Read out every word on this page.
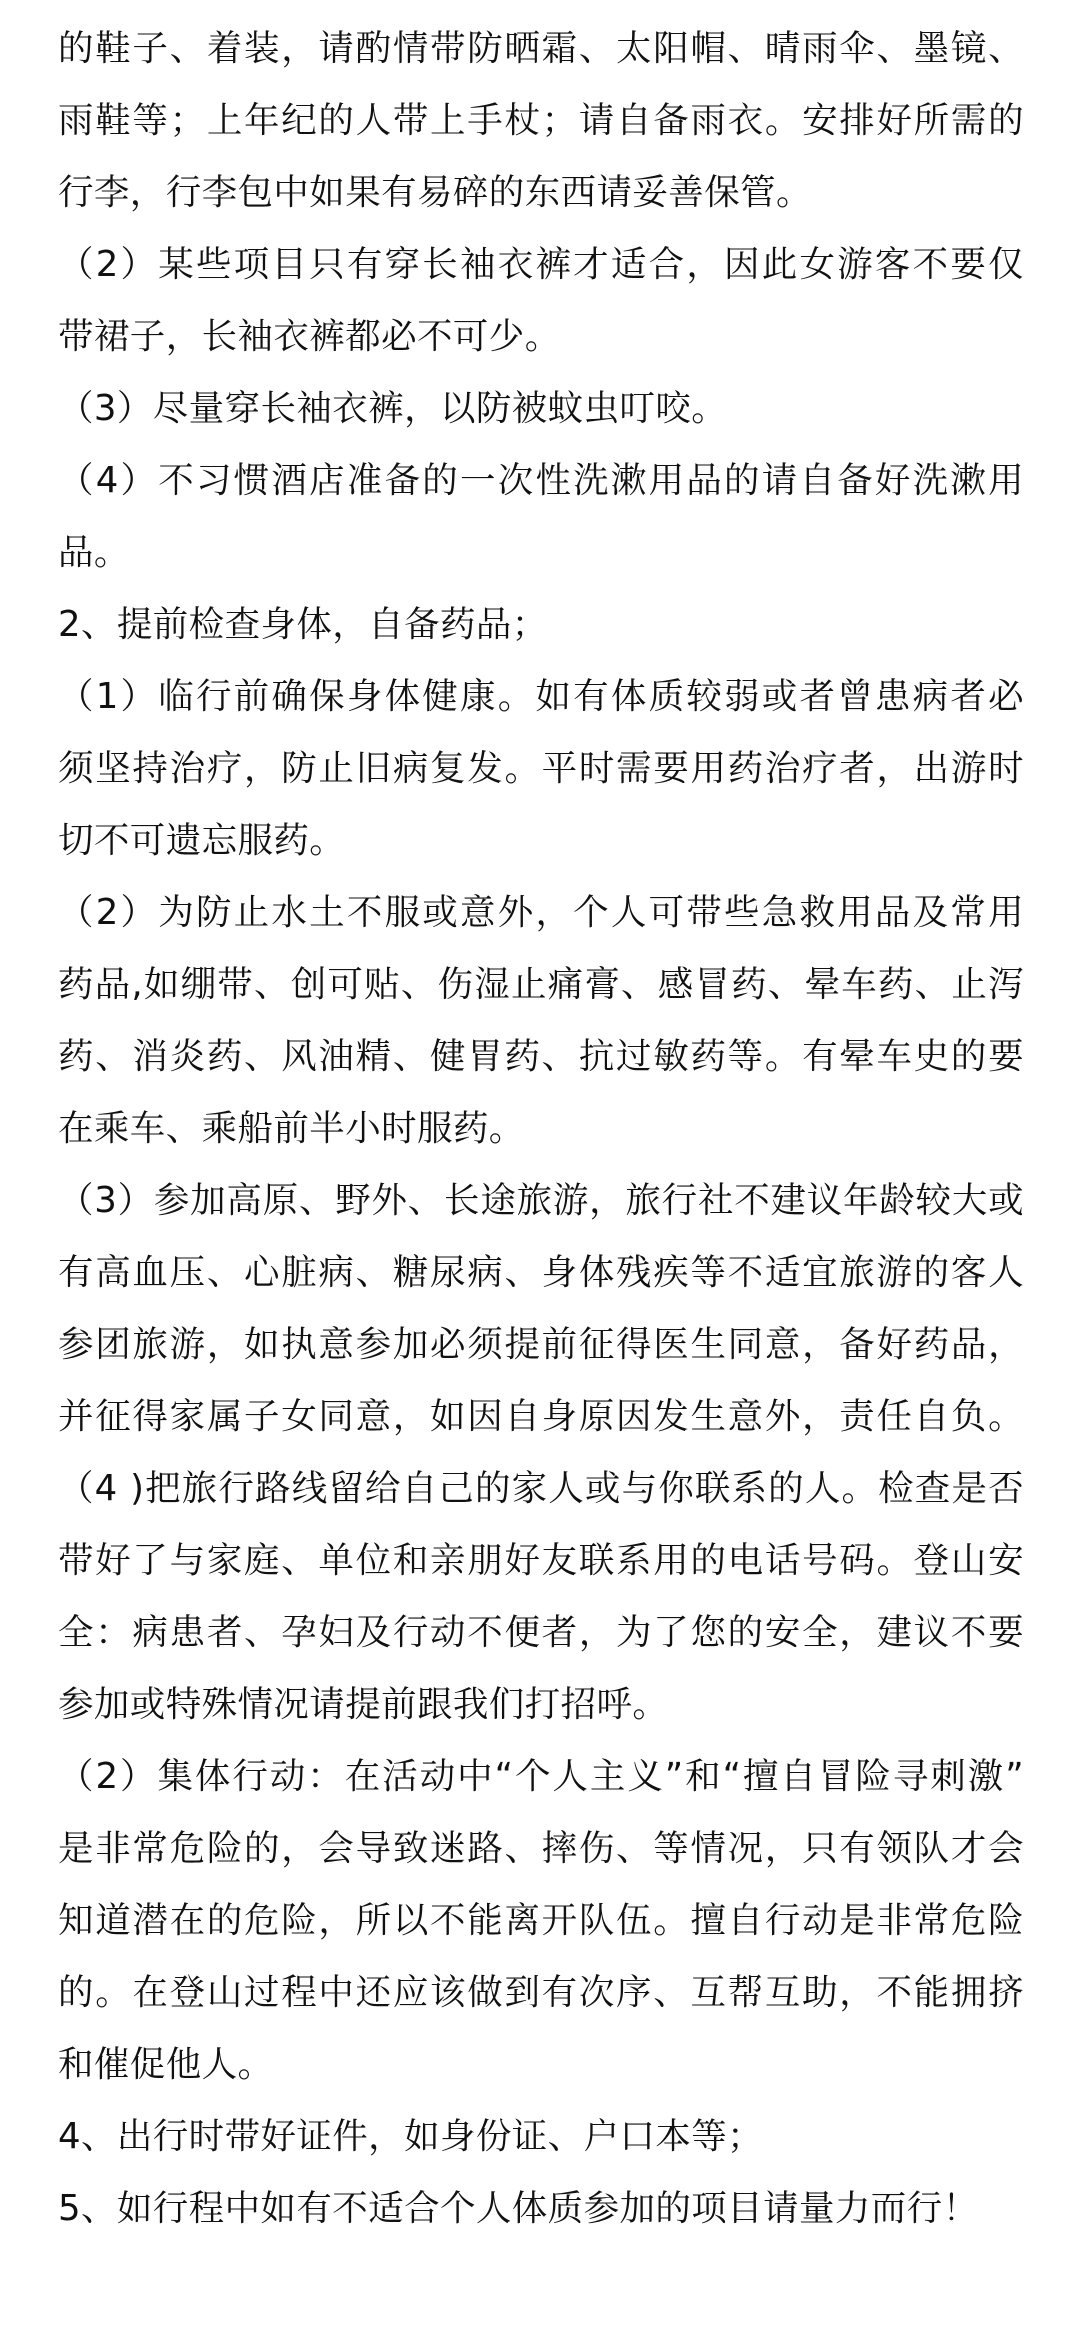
的鞋子、着装，请酌情带防晒霜、太阳帽、晴雨伞、墨镜、
雨鞋等；上年纪的人带上手杖；请自备雨衣。安排好所需的
行李，行李包中如果有易碎的东西请妥善保管。
（2）某些项目只有穿长袖衣裤才适合，因此女游客不要仅
带裙子，长袖衣裤都必不可少。
（3）尽量穿长袖衣裤，以防被蚊虫叮咬。
（4）不习惯酒店准备的一次性洗漱用品的请自备好洗漱用
品。
2、提前检查身体，自备药品；
（1）临行前确保身体健康。如有体质较弱或者曾患病者必
须坚持治疗，防止旧病复发。平时需要用药治疗者，出游时
切不可遗忘服药。
（2）为防止水土不服或意外，个人可带些急救用品及常用
药品,如绷带、创可贴、伤湿止痛膏、感冒药、晕车药、止泻
药、消炎药、风油精、健胃药、抗过敏药等。有晕车史的要
在乘车、乘船前半小时服药。
（3）参加高原、野外、长途旅游，旅行社不建议年龄较大或
有高血压、心脏病、糖尿病、身体残疾等不适宜旅游的客人
参团旅游，如执意参加必须提前征得医生同意，备好药品，
并征得家属子女同意，如因自身原因发生意外，责任自负。
（4 )把旅行路线留给自己的家人或与你联系的人。检查是否
带好了与家庭、单位和亲朋好友联系用的电话号码。登山安
全：病患者、孕妇及行动不便者，为了您的安全，建议不要
参加或特殊情况请提前跟我们打招呼。
（2）集体行动：在活动中“个人主义”和“擅自冒险寻刺激”
是非常危险的，会导致迷路、摔伤、等情况，只有领队才会
知道潜在的危险，所以不能离开队伍。擅自行动是非常危险
的。在登山过程中还应该做到有次序、互帮互助，不能拥挤
和催促他人。
4、出行时带好证件，如身份证、户口本等；
5、如行程中如有不适合个人体质参加的项目请量力而行！
